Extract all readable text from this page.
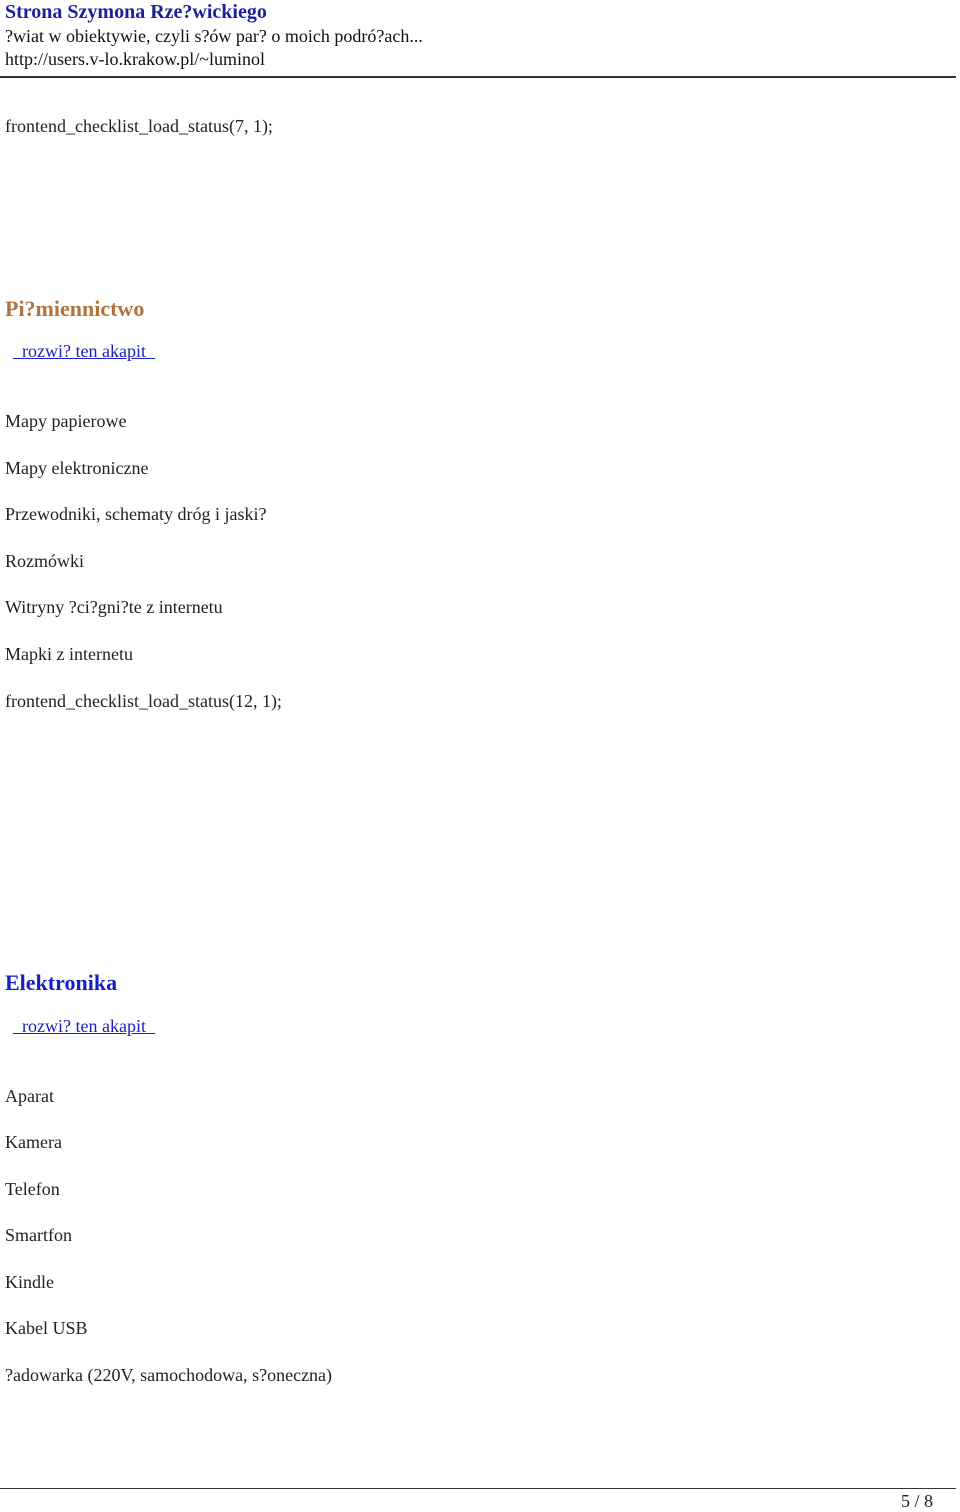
Strona Szymona Rze?wickiego
?wiat w obiektywie, czyli s?ów par? o moich podró?ach...
http://users.v-lo.krakow.pl/~luminol
frontend_checklist_load_status(7, 1);
Pi?miennictwo
rozwi? ten akapit
Mapy papierowe
Mapy elektroniczne
Przewodniki, schematy dróg i jaski?
Rozmówki
Witryny ?ci?gni?te z internetu
Mapki z internetu
frontend_checklist_load_status(12, 1);
Elektronika
rozwi? ten akapit
Aparat
Kamera
Telefon
Smartfon
Kindle
Kabel USB
?adowarka (220V, samochodowa, s?oneczna)
5 / 8
